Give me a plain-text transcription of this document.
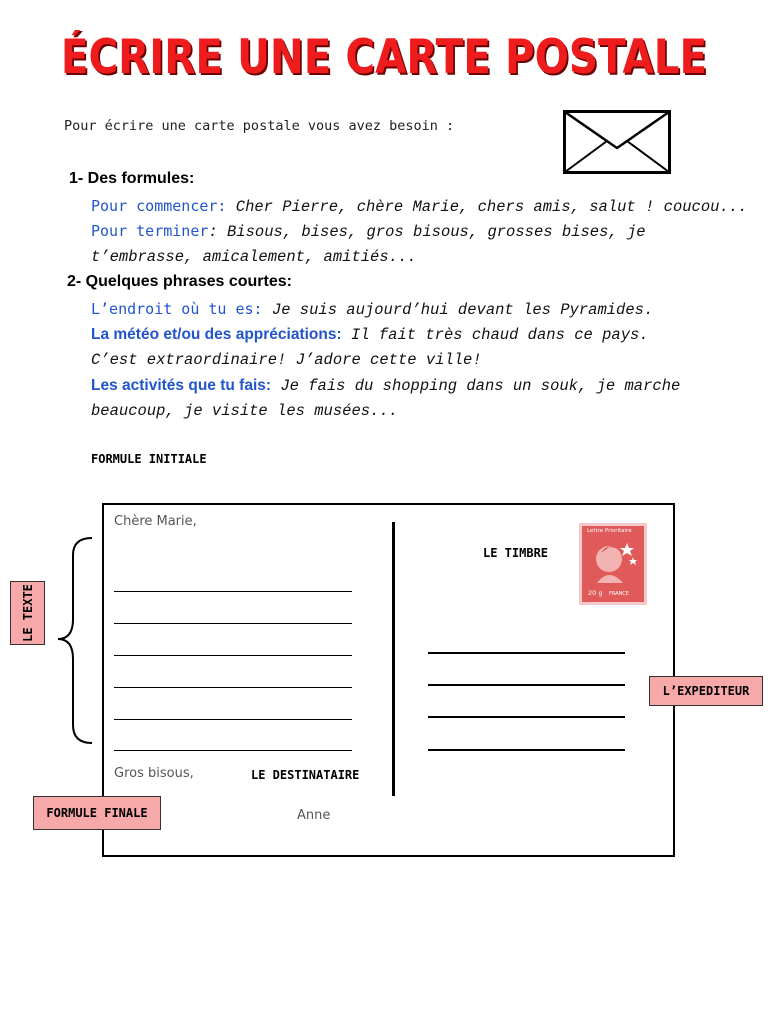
ÉCRIRE UNE CARTE POSTALE
Pour écrire une carte postale vous avez besoin :
1- Des formules:
Pour commencer: Cher Pierre, chère Marie, chers amis, salut ! coucou...
Pour terminer: Bisous, bises, gros bisous, grosses bises, je
t’embrasse, amicalement, amitiés...
2- Quelques phrases courtes:
L’endroit où tu es: Je suis aujourd’hui devant les Pyramides.
La météo et/ou des appréciations: Il fait très chaud dans ce pays.
C’est extraordinaire! J’adore cette ville!
Les activités que tu fais: Je fais du shopping dans un souk, je marche
beaucoup, je visite les musées...
FORMULE INITIALE
Chère Marie,
Gros bisous,	LE DESTINATAIRE
Anne
LE TIMBRE
Lettre Prioritaire
20 g FRANCE
LE TEXTE
L’EXPEDITEUR
FORMULE FINALE
